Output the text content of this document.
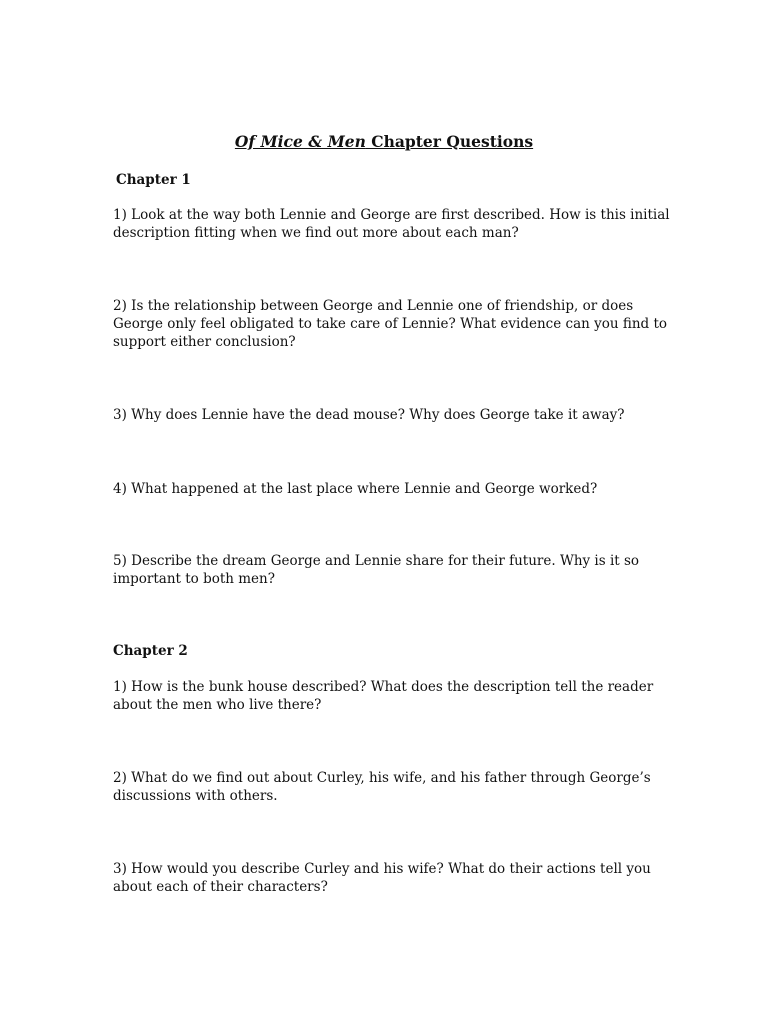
Of Mice & Men Chapter Questions
Chapter 1
1) Look at the way both Lennie and George are first described. How is this initial description fitting when we find out more about each man?
2) Is the relationship between George and Lennie one of friendship, or does George only feel obligated to take care of Lennie? What evidence can you find to support either conclusion?
3) Why does Lennie have the dead mouse? Why does George take it away?
4) What happened at the last place where Lennie and George worked?
5) Describe the dream George and Lennie share for their future. Why is it so important to both men?
Chapter 2
1) How is the bunk house described? What does the description tell the reader about the men who live there?
2) What do we find out about Curley, his wife, and his father through George’s discussions with others.
3) How would you describe Curley and his wife? What do their actions tell you about each of their characters?
